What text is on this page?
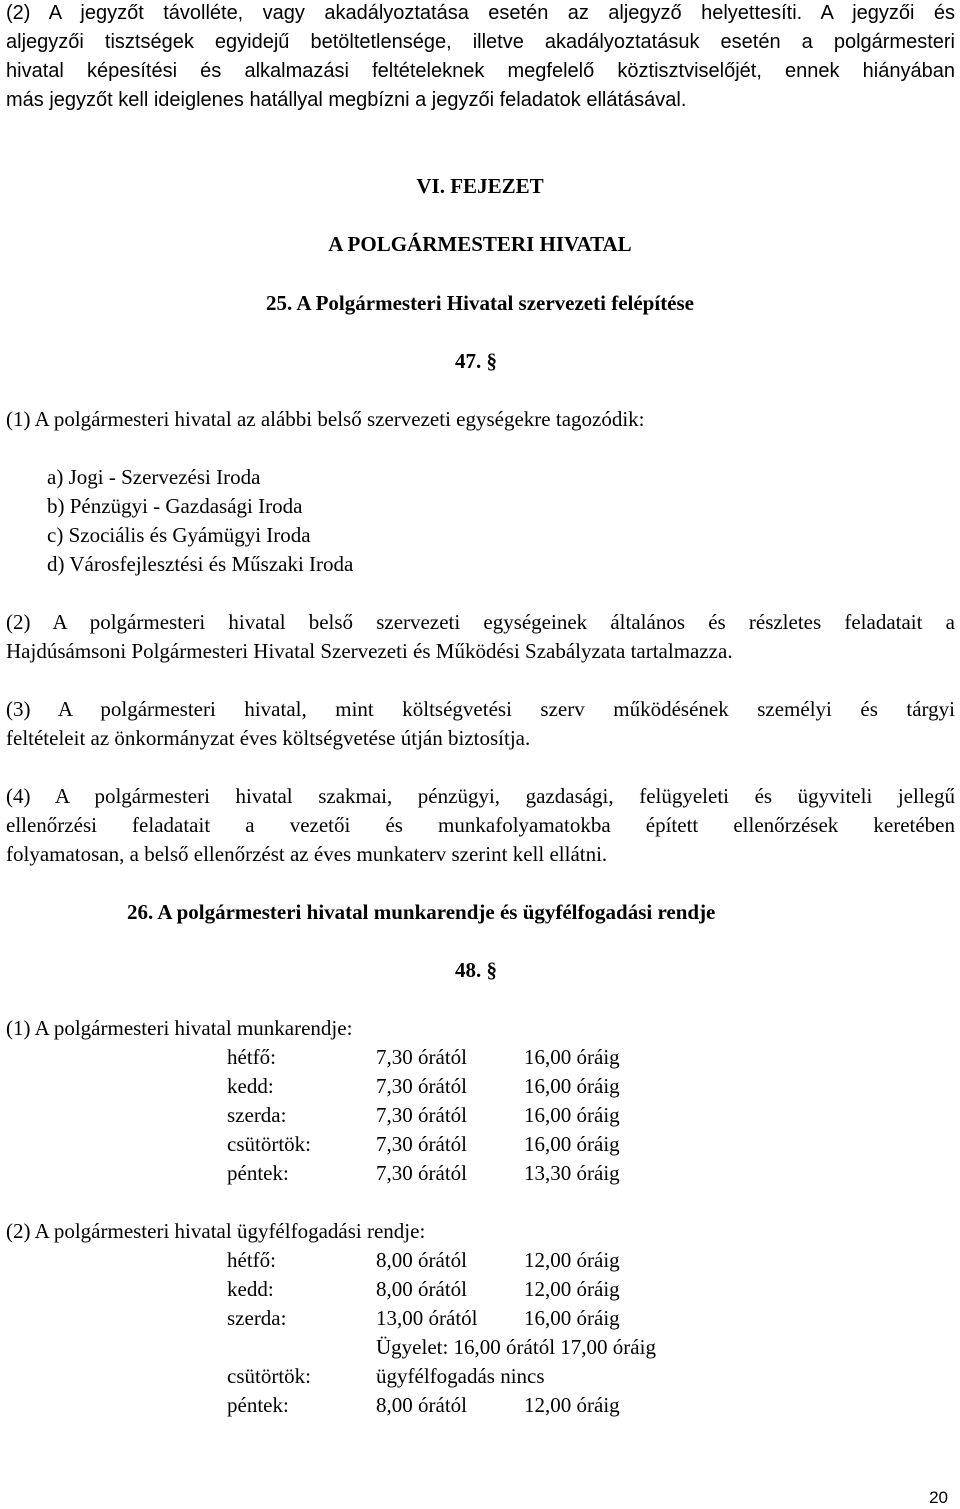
(2) A jegyzőt távolléte, vagy akadályoztatása esetén az aljegyző helyettesíti. A jegyzői és
aljegyzői tisztségek egyidejű betöltetlensége, illetve akadályoztatásuk esetén a polgármesteri
hivatal képesítési és alkalmazási feltételeknek megfelelő köztisztviselőjét, ennek hiányában
más jegyzőt kell ideiglenes hatállyal megbízni a jegyzői feladatok ellátásával.
VI. FEJEZET
A POLGÁRMESTERI HIVATAL
25. A Polgármesteri Hivatal szervezeti felépítése
47. §
(1) A polgármesteri hivatal az alábbi belső szervezeti egységekre tagozódik:
a) Jogi - Szervezési Iroda
b) Pénzügyi - Gazdasági Iroda
c) Szociális és Gyámügyi Iroda
d) Városfejlesztési és Műszaki Iroda
(2) A polgármesteri hivatal belső szervezeti egységeinek általános és részletes feladatait a
Hajdúsámsoni Polgármesteri Hivatal Szervezeti és Működési Szabályzata tartalmazza.
(3) A polgármesteri hivatal, mint költségvetési szerv működésének személyi és tárgyi
feltételeit az önkormányzat éves költségvetése útján biztosítja.
(4) A polgármesteri hivatal szakmai, pénzügyi, gazdasági, felügyeleti és ügyviteli jellegű
ellenőrzési feladatait a vezetői és munkafolyamatokba épített ellenőrzések keretében
folyamatosan, a belső ellenőrzést az éves munkaterv szerint kell ellátni.
26. A polgármesteri hivatal munkarendje és ügyfélfogadási rendje
48. §
(1) A polgármesteri hivatal munkarendje:
hétfő:	7,30 órától	16,00 óráig
kedd:	7,30 órától	16,00 óráig
szerda:	7,30 órától	16,00 óráig
csütörtök:	7,30 órától	16,00 óráig
péntek:	7,30 órától	13,30 óráig
(2) A polgármesteri hivatal ügyfélfogadási rendje:
hétfő:	8,00 órától	12,00 óráig
kedd:	8,00 órától	12,00 óráig
szerda:	13,00 órától 16,00 óráig
Ügyelet: 16,00 órától 17,00 óráig
csütörtök:	ügyfélfogadás nincs
péntek:	8,00 órától	12,00 óráig
20
